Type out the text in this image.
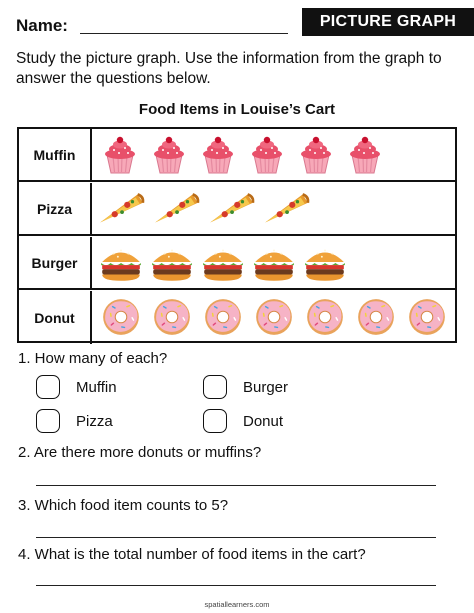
Name:	PICTURE GRAPH
Study the picture graph. Use the information from the graph to answer the questions below.
Food Items in Louise’s Cart
Muffin
Pizza
Burger
Donut
1. How many of each?
Muffin	Burger
Pizza	Donut
2. Are there more donuts or muffins?
3. Which food item counts to 5?
4. What is the total number of food items in the cart?
spatiallearners.com
